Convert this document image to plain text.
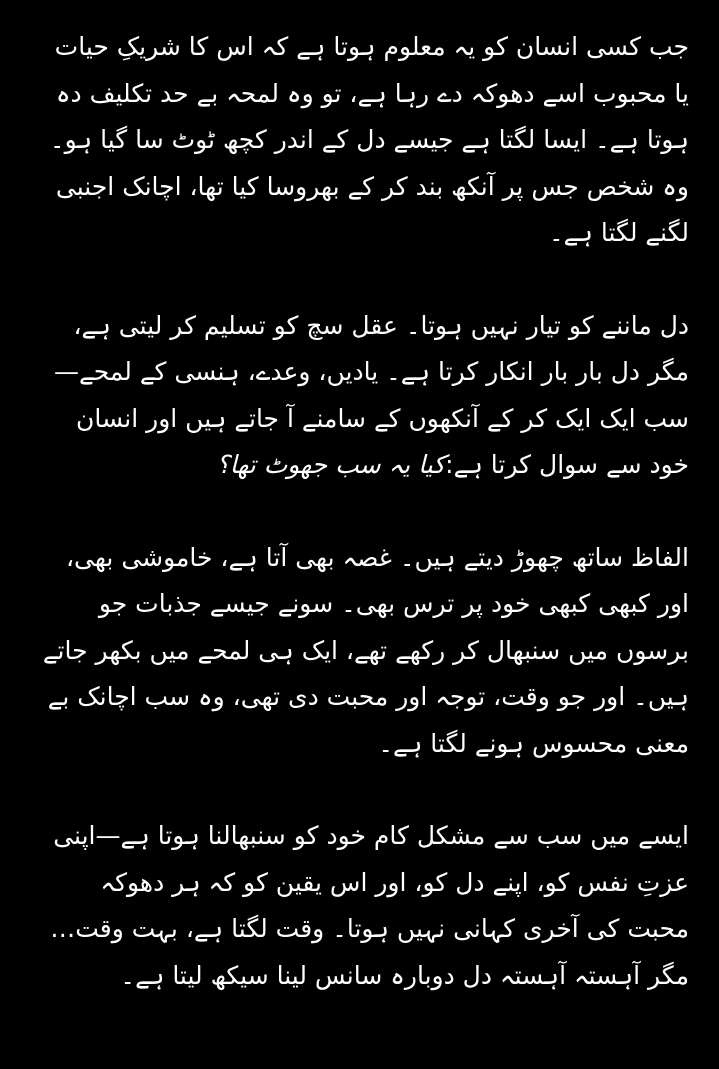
جب کسی انسان کو یہ معلوم ہوتا ہے کہ اس کا شریکِ حیات یا محبوب اسے دھوکہ دے رہا ہے، تو وہ لمحہ بے حد تکلیف دہ ہوتا ہے۔ ایسا لگتا ہے جیسے دل کے اندر کچھ ٹوٹ سا گیا ہو۔ وہ شخص جس پر آنکھ بند کر کے بھروسا کیا تھا، اچانک اجنبی لگنے لگتا ہے۔

دل ماننے کو تیار نہیں ہوتا۔ عقل سچ کو تسلیم کر لیتی ہے، مگر دل بار بار انکار کرتا ہے۔ یادیں، وعدے، ہنسی کے لمحے—سب ایک ایک کر کے آنکھوں کے سامنے آ جاتے ہیں اور انسان خود سے سوال کرتا ہے:کیا یہ سب جھوٹ تھا؟

الفاظ ساتھ چھوڑ دیتے ہیں۔ غصہ بھی آتا ہے، خاموشی بھی، اور کبھی کبھی خود پر ترس بھی۔ سونے جیسے جذبات جو برسوں میں سنبھال کر رکھے تھے، ایک ہی لمحے میں بکھر جاتے ہیں۔ اور جو وقت، توجہ اور محبت دی تھی، وہ سب اچانک بے معنی محسوس ہونے لگتا ہے۔

ایسے میں سب سے مشکل کام خود کو سنبھالنا ہوتا ہے—اپنی عزتِ نفس کو، اپنے دل کو، اور اس یقین کو کہ ہر دھوکہ محبت کی آخری کہانی نہیں ہوتا۔ وقت لگتا ہے، بہت وقت… مگر آہستہ آہستہ دل دوبارہ سانس لینا سیکھ لیتا ہے۔
